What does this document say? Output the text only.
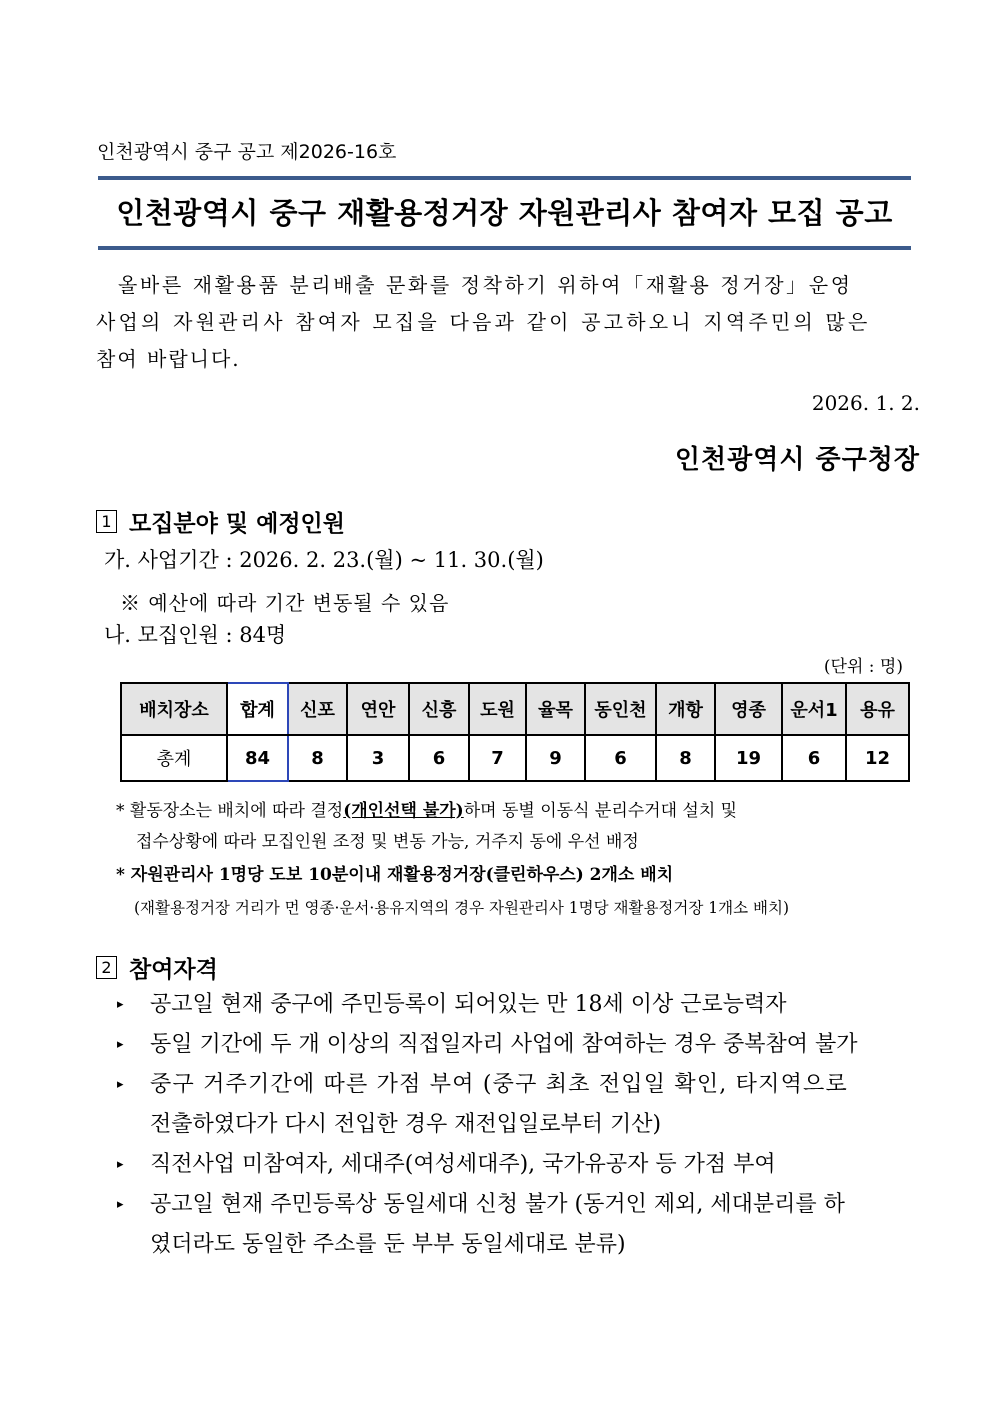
인천광역시 중구 공고 제2026-16호
인천광역시 중구 재활용정거장 자원관리사 참여자 모집 공고
올바른 재활용품 분리배출 문화를 정착하기 위하여「재활용 정거장」운영
사업의 자원관리사 참여자 모집을 다음과 같이 공고하오니 지역주민의 많은
참여 바랍니다.
2026. 1. 2.
인천광역시 중구청장
1 모집분야 및 예정인원
가. 사업기간 : 2026. 2. 23.(월) ~ 11. 30.(월)
※ 예산에 따라 기간 변동될 수 있음
나. 모집인원 : 84명
(단위 : 명)
배치장소	합계	신포	연안	신흥	도원	율목	동인천	개항	영종	운서1	용유
총계	84	8	3	6	7	9	6	8	19	6	12
* 활동장소는 배치에 따라 결정(개인선택 불가)하며 동별 이동식 분리수거대 설치 및
접수상황에 따라 모집인원 조정 및 변동 가능, 거주지 동에 우선 배정
* 자원관리사 1명당 도보 10분이내 재활용정거장(클린하우스) 2개소 배치
(재활용정거장 거리가 먼 영종·운서·용유지역의 경우 자원관리사 1명당 재활용정거장 1개소 배치)
2 참여자격
▸ 공고일 현재 중구에 주민등록이 되어있는 만 18세 이상 근로능력자
▸ 동일 기간에 두 개 이상의 직접일자리 사업에 참여하는 경우 중복참여 불가
▸ 중구 거주기간에 따른 가점 부여 (중구 최초 전입일 확인, 타지역으로
전출하였다가 다시 전입한 경우 재전입일로부터 기산)
▸ 직전사업 미참여자, 세대주(여성세대주), 국가유공자 등 가점 부여
▸ 공고일 현재 주민등록상 동일세대 신청 불가 (동거인 제외, 세대분리를 하
였더라도 동일한 주소를 둔 부부 동일세대로 분류)
